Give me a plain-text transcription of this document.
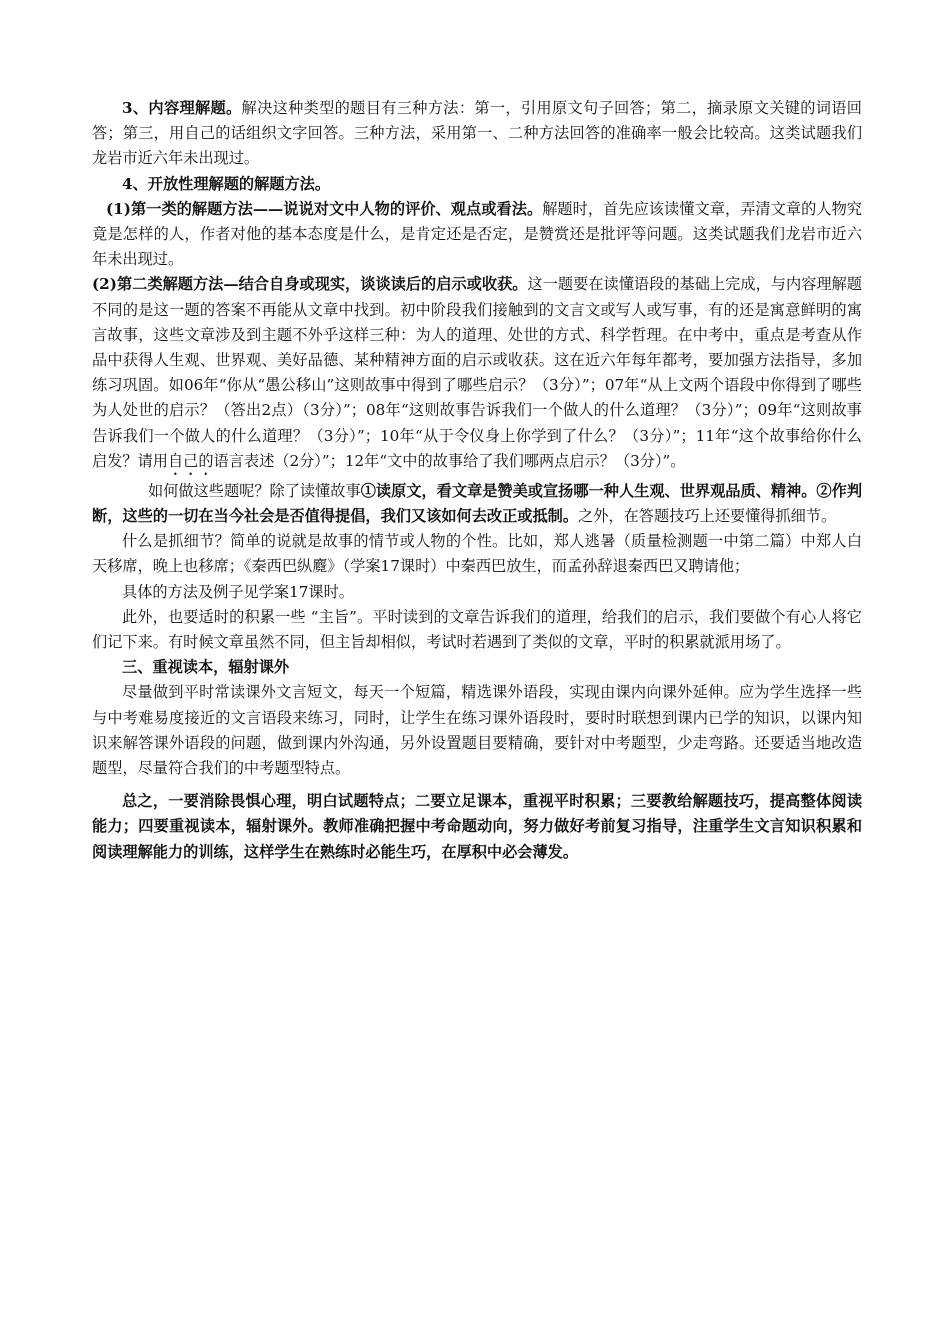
3、内容理解题。解决这种类型的题目有三种方法：第一，引用原文句子回答；第二，摘录原文关键的词语回答；第三，用自己的话组织文字回答。三种方法，采用第一、二种方法回答的准确率一般会比较高。这类试题我们龙岩市近六年未出现过。

4、开放性理解题的解题方法。

(1)第一类的解题方法——说说对文中人物的评价、观点或看法。解题时，首先应该读懂文章，弄清文章的人物究竟是怎样的人，作者对他的基本态度是什么，是肯定还是否定，是赞赏还是批评等问题。这类试题我们龙岩市近六年未出现过。

(2)第二类解题方法—结合自身或现实，谈谈读后的启示或收获。这一题要在读懂语段的基础上完成，与内容理解题不同的是这一题的答案不再能从文章中找到。初中阶段我们接触到的文言文或写人或写事，有的还是寓意鲜明的寓言故事，这些文章涉及到主题不外乎这样三种：为人的道理、处世的方式、科学哲理。在中考中，重点是考查从作品中获得人生观、世界观、美好品德、某种精神方面的启示或收获。这在近六年每年都考，要加强方法指导，多加练习巩固。如06年“你从“愚公移山”这则故事中得到了哪些启示？（3分）”；07年“从上文两个语段中你得到了哪些为人处世的启示？（答出2点）（3分）”；08年“这则故事告诉我们一个做人的什么道理？（3分）”；09年“这则故事告诉我们一个做人的什么道理？（3分）”；10年“从于令仪身上你学到了什么？（3分）”；11年“这个故事给你什么启发？请用自己的语言表述（2分）”；12年“文中的故事给了我们哪两点启示？（3分）”。

如何做这些题呢？除了读懂故事①读原文，看文章是赞美或宣扬哪一种人生观、世界观品质、精神。②作判断，这些的一切在当今社会是否值得提倡，我们又该如何去改正或抵制。之外，在答题技巧上还要懂得抓细节。

什么是抓细节？简单的说就是故事的情节或人物的个性。比如，郑人逃暑（质量检测题一中第二篇）中郑人白天移席，晚上也移席；《秦西巴纵麑》（学案17课时）中秦西巴放生，而孟孙辞退秦西巴又聘请他；

具体的方法及例子见学案17课时。

此外，也要适时的积累一些 “主旨”。平时读到的文章告诉我们的道理，给我们的启示，我们要做个有心人将它们记下来。有时候文章虽然不同，但主旨却相似，考试时若遇到了类似的文章，平时的积累就派用场了。

三、重视读本，辐射课外

尽量做到平时常读课外文言短文，每天一个短篇，精选课外语段，实现由课内向课外延伸。应为学生选择一些与中考难易度接近的文言语段来练习，同时，让学生在练习课外语段时，要时时联想到课内已学的知识，以课内知识来解答课外语段的问题，做到课内外沟通，另外设置题目要精确，要针对中考题型，少走弯路。还要适当地改造题型，尽量符合我们的中考题型特点。

总之，一要消除畏惧心理，明白试题特点；二要立足课本，重视平时积累；三要教给解题技巧，提高整体阅读能力；四要重视读本，辐射课外。教师准确把握中考命题动向，努力做好考前复习指导，注重学生文言知识积累和阅读理解能力的训练，这样学生在熟练时必能生巧，在厚积中必会薄发。
